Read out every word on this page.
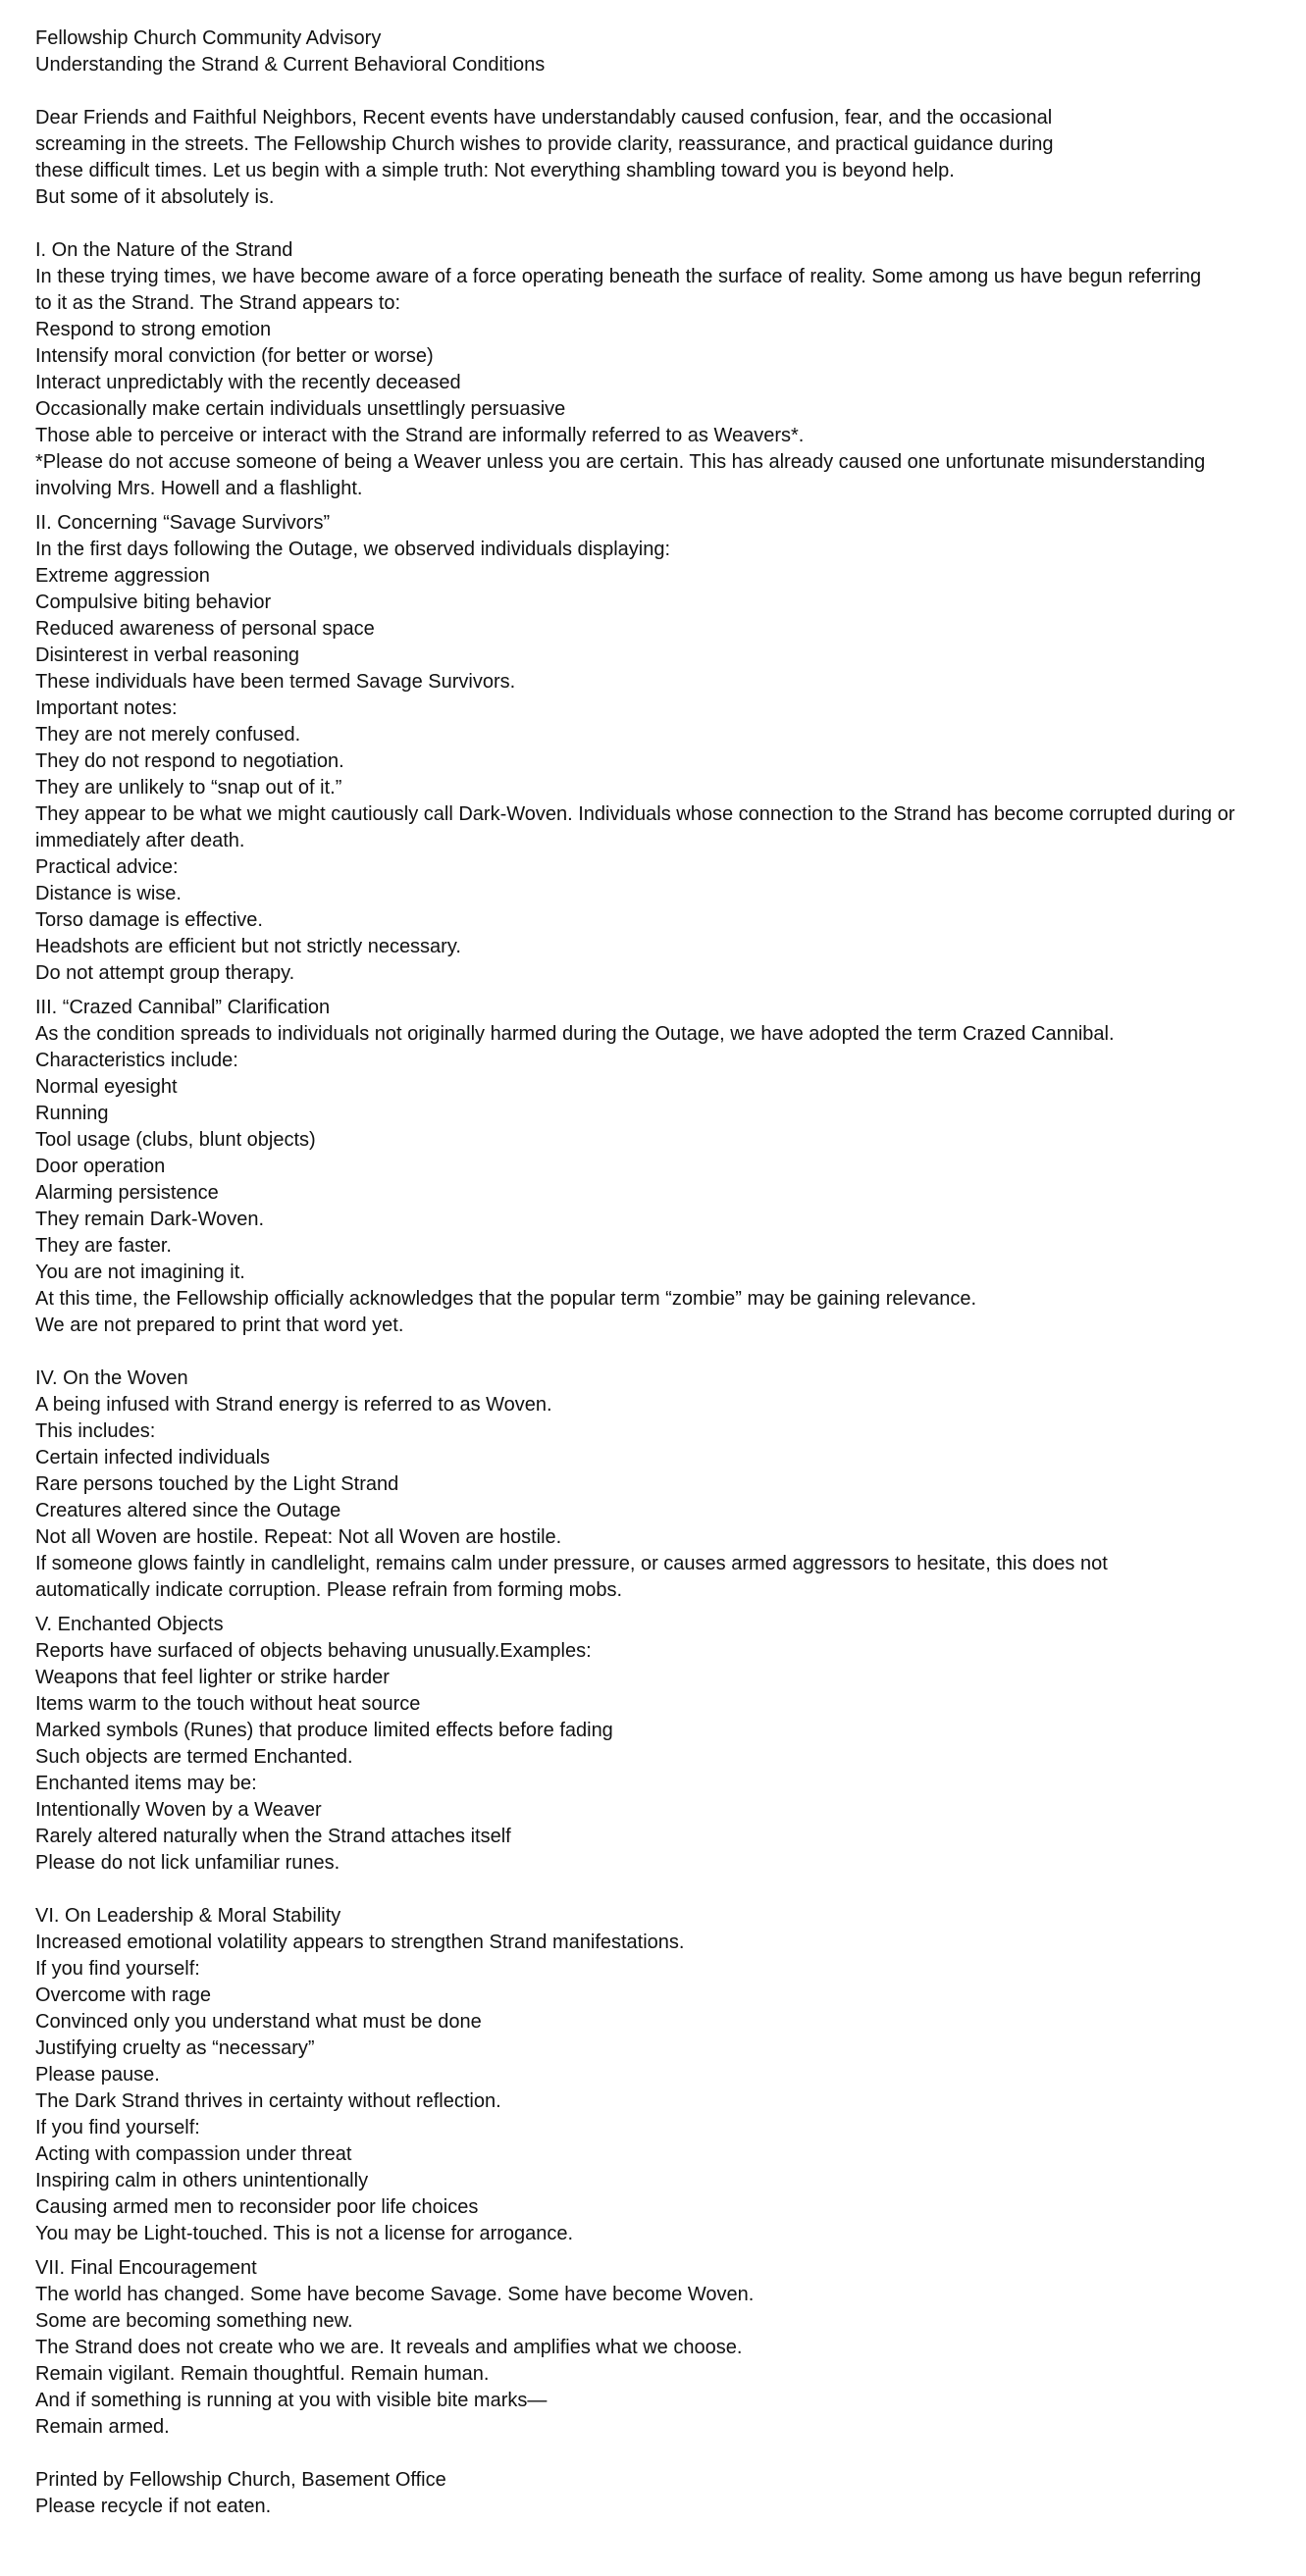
Fellowship Church Community Advisory
Understanding the Strand & Current Behavioral Conditions
Dear Friends and Faithful Neighbors, Recent events have understandably caused confusion, fear, and the occasional
screaming in the streets. The Fellowship Church wishes to provide clarity, reassurance, and practical guidance during
these difficult times. Let us begin with a simple truth: Not everything shambling toward you is beyond help.
But some of it absolutely is.
I. On the Nature of the Strand
In these trying times, we have become aware of a force operating beneath the surface of reality. Some among us have begun referring
to it as the Strand. The Strand appears to:
Respond to strong emotion
Intensify moral conviction (for better or worse)
Interact unpredictably with the recently deceased
Occasionally make certain individuals unsettlingly persuasive
Those able to perceive or interact with the Strand are informally referred to as Weavers*.
*Please do not accuse someone of being a Weaver unless you are certain. This has already caused one unfortunate misunderstanding
involving Mrs. Howell and a flashlight.
II. Concerning “Savage Survivors”
In the first days following the Outage, we observed individuals displaying:
Extreme aggression
Compulsive biting behavior
Reduced awareness of personal space
Disinterest in verbal reasoning
These individuals have been termed Savage Survivors.
Important notes:
They are not merely confused.
They do not respond to negotiation.
They are unlikely to “snap out of it.”
They appear to be what we might cautiously call Dark-Woven. Individuals whose connection to the Strand has become corrupted during or
immediately after death.
Practical advice:
Distance is wise.
Torso damage is effective.
Headshots are efficient but not strictly necessary.
Do not attempt group therapy.
III. “Crazed Cannibal” Clarification
As the condition spreads to individuals not originally harmed during the Outage, we have adopted the term Crazed Cannibal.
Characteristics include:
Normal eyesight
Running
Tool usage (clubs, blunt objects)
Door operation
Alarming persistence
They remain Dark-Woven.
They are faster.
You are not imagining it.
At this time, the Fellowship officially acknowledges that the popular term “zombie” may be gaining relevance.
We are not prepared to print that word yet.
IV. On the Woven
A being infused with Strand energy is referred to as Woven.
This includes:
Certain infected individuals
Rare persons touched by the Light Strand
Creatures altered since the Outage
Not all Woven are hostile. Repeat: Not all Woven are hostile.
If someone glows faintly in candlelight, remains calm under pressure, or causes armed aggressors to hesitate, this does not
automatically indicate corruption. Please refrain from forming mobs.
V. Enchanted Objects
Reports have surfaced of objects behaving unusually.Examples:
Weapons that feel lighter or strike harder
Items warm to the touch without heat source
Marked symbols (Runes) that produce limited effects before fading
Such objects are termed Enchanted.
Enchanted items may be:
Intentionally Woven by a Weaver
Rarely altered naturally when the Strand attaches itself
Please do not lick unfamiliar runes.
VI. On Leadership & Moral Stability
Increased emotional volatility appears to strengthen Strand manifestations.
If you find yourself:
Overcome with rage
Convinced only you understand what must be done
Justifying cruelty as “necessary”
Please pause.
The Dark Strand thrives in certainty without reflection.
If you find yourself:
Acting with compassion under threat
Inspiring calm in others unintentionally
Causing armed men to reconsider poor life choices
You may be Light-touched. This is not a license for arrogance.
VII. Final Encouragement
The world has changed. Some have become Savage. Some have become Woven.
Some are becoming something new.
The Strand does not create who we are. It reveals and amplifies what we choose.
Remain vigilant. Remain thoughtful. Remain human.
And if something is running at you with visible bite marks—
Remain armed.
Printed by Fellowship Church, Basement Office
Please recycle if not eaten.
